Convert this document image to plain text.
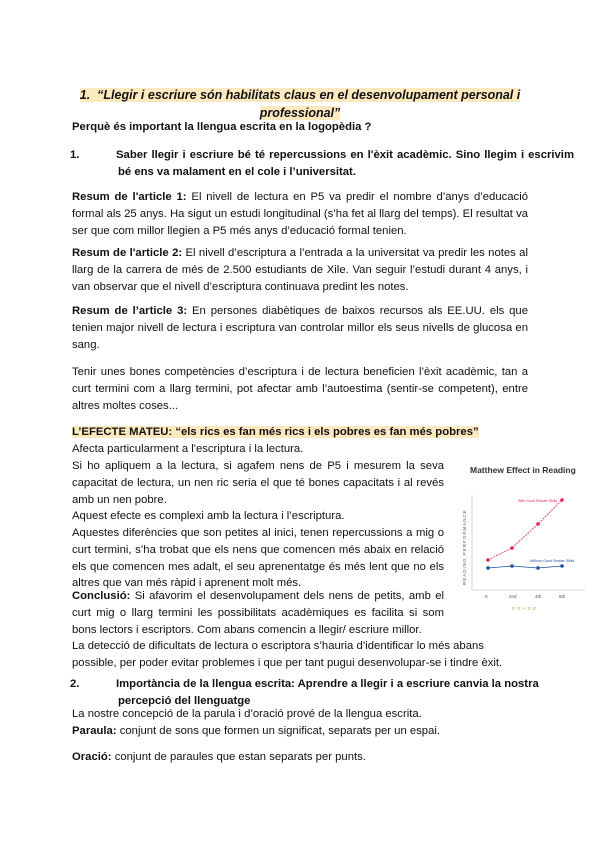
1. “Llegir i escriure són habilitats claus en el desenvolupament personal i professional”
Perquè és important la llengua escrita en la logopèdia ?
1.	Saber llegir i escriure bé té repercussions en l'èxit acadèmic. Sino llegim i escrivim bé ens va malament en el cole i l’universitat.
Resum de l'article 1: El nivell de lectura en P5 va predir el nombre d’anys d’educació formal als 25 anys. Ha sigut un estudi longitudinal (s’ha fet al llarg del temps). El resultat va ser que com millor llegien a P5 més anys d’educació formal tenien.
Resum de l'article 2: El nivell d’escriptura a l’entrada a la universitat va predir les notes al llarg de la carrera de més de 2.500 estudiants de Xile. Van seguir l’estudi durant 4 anys, i van observar que el nivell d’escriptura continuava predint les notes.
Resum de l’article 3: En persones diabètiques de baixos recursos als EE.UU. els que tenien major nivell de lectura i escriptura van controlar millor els seus nivells de glucosa en sang.
Tenir unes bones competències d’escriptura i de lectura beneficien l’èxit acadèmic, tan a curt termini com a llarg termini, pot afectar amb l’autoestima (sentir-se competent), entre altres moltes coses...
L’EFECTE MATEU: “els rics es fan més rics i els pobres es fan més pobres”
Afecta particularment a l'escriptura i la lectura.
Si ho apliquem a la lectura, si agafem nens de P5 i mesurem la seva capacitat de lectura, un nen ric seria el que té bones capacitats i al revés amb un nen pobre.
Aquest efecte es complexi amb la lectura i l’escriptura.
Aquestes diferències que son petites al inici, tenen repercussions a mig o curt termini, s’ha trobat que els nens que comencen més abaix en relació els que comencen mes adalt, el seu aprenentatge és més lent que no els altres que van més ràpid i aprenent molt més.
Conclusió: Si afavorim el desenvolupament dels nens de petits, amb el curt mig o llarg termini les possibilitats acadèmiques es facilita si som bons lectors i escriptors. Com abans comencin a llegir/ escriure millor.
La detecció de dificultats de lectura o escriptora s’hauria d’identificar lo més abans possible, per poder evitar problemes i que per tant pugui desenvolupar-se i tindre èxit.
2.	Importància de la llengua escrita: Aprendre a llegir i a escriure canvia la nostra percepció del llenguatge
La nostre concepció de la parula i d’oració prové de la llengua escrita.
Paraula: conjunt de sons que formen un significat, separats per un espai.
Oració: conjunt de paraules que estan separats per punts.
Matthew Effect in Reading
READING PERFORMANCE
GRADE
K	2nd	4th	6th
With Good Reader Skills
Without Good Reader Skills
